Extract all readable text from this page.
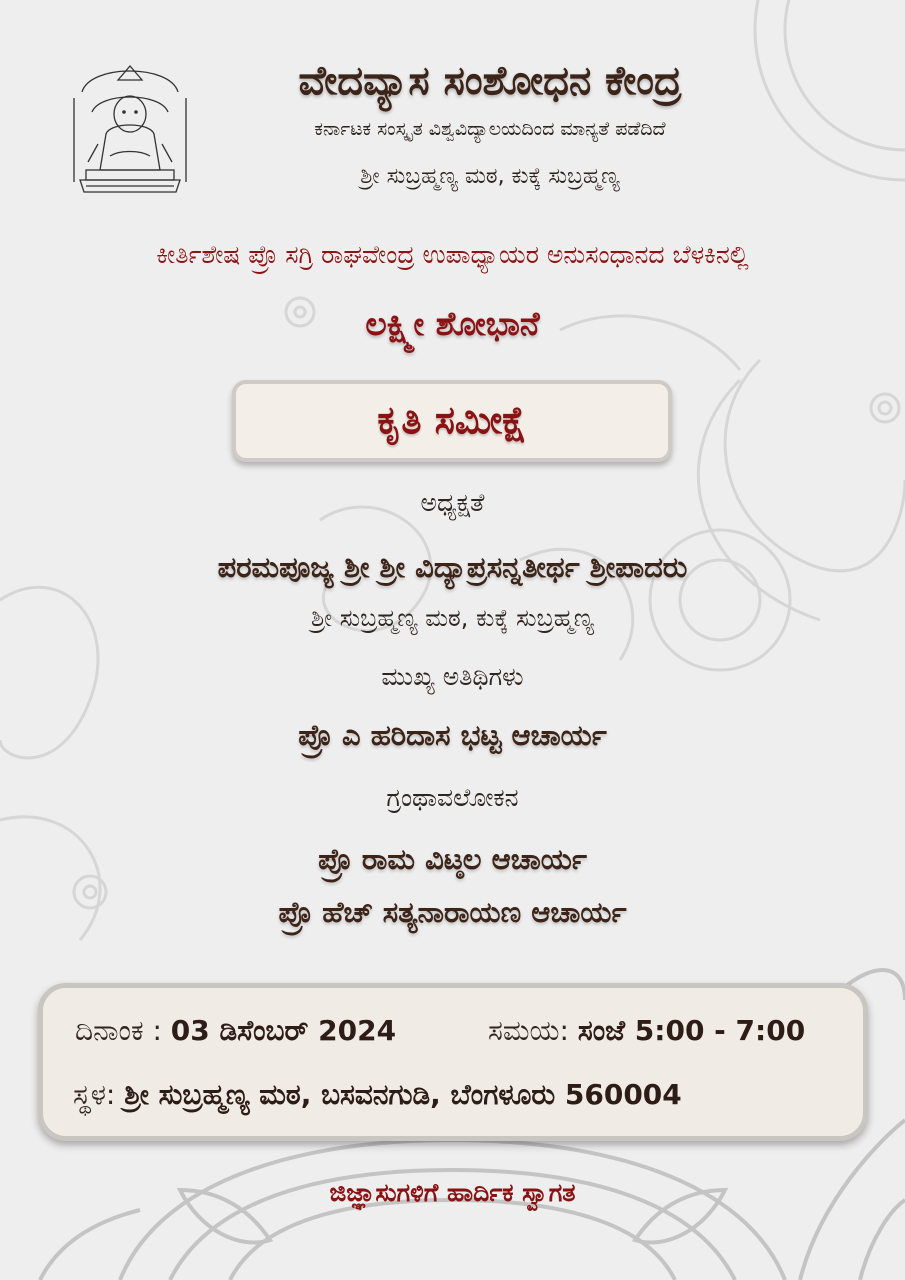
ವೇದವ್ಯಾಸ ಸಂಶೋಧನ ಕೇಂದ್ರ
ಕರ್ನಾಟಕ ಸಂಸ್ಕೃತ ವಿಶ್ವವಿದ್ಯಾಲಯದಿಂದ ಮಾನ್ಯತೆ ಪಡೆದಿದೆ
ಶ್ರೀ ಸುಬ್ರಹ್ಮಣ್ಯ ಮಠ, ಕುಕ್ಕೆ ಸುಬ್ರಹ್ಮಣ್ಯ
ಕೀರ್ತಿಶೇಷ ಪ್ರೊ ಸಗ್ರಿ ರಾಘವೇಂದ್ರ ಉಪಾಧ್ಯಾಯರ ಅನುಸಂಧಾನದ ಬೆಳಕಿನಲ್ಲಿ
ಲಕ್ಷ್ಮೀ ಶೋಭಾನೆ
ಕೃತಿ ಸಮೀಕ್ಷೆ
ಅಧ್ಯಕ್ಷತೆ
ಪರಮಪೂಜ್ಯ ಶ್ರೀ ಶ್ರೀ ವಿದ್ಯಾಪ್ರಸನ್ನತೀರ್ಥ ಶ್ರೀಪಾದರು
ಶ್ರೀ ಸುಬ್ರಹ್ಮಣ್ಯ ಮಠ, ಕುಕ್ಕೆ ಸುಬ್ರಹ್ಮಣ್ಯ
ಮುಖ್ಯ ಅತಿಥಿಗಳು
ಪ್ರೊ ಎ ಹರಿದಾಸ ಭಟ್ಟ ಆಚಾರ್ಯ
ಗ್ರಂಥಾವಲೋಕನ
ಪ್ರೊ ರಾಮ ವಿಟ್ಠಲ ಆಚಾರ್ಯ
ಪ್ರೊ ಹೆಚ್ ಸತ್ಯನಾರಾಯಣ ಆಚಾರ್ಯ
ದಿನಾಂಕ : 03 ಡಿಸೆಂಬರ್ 2024	ಸಮಯ: ಸಂಜೆ 5:00 - 7:00
ಸ್ಥಳ: ಶ್ರೀ ಸುಬ್ರಹ್ಮಣ್ಯ ಮಠ, ಬಸವನಗುಡಿ, ಬೆಂಗಳೂರು 560004
ಜಿಜ್ಞಾಸುಗಳಿಗೆ ಹಾರ್ದಿಕ ಸ್ವಾಗತ
